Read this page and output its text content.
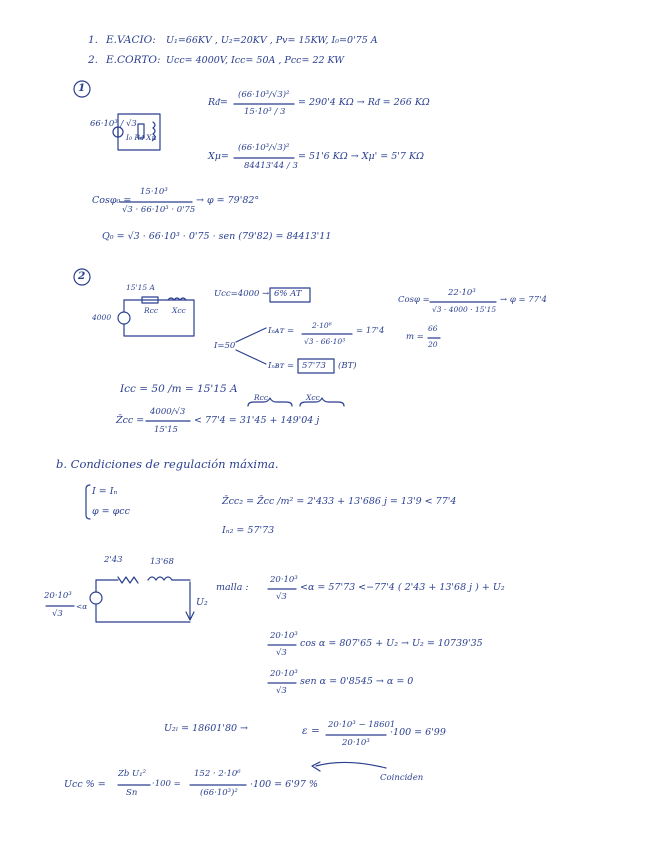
1. E.VACIO: U₁=66KV , U₂=20KV , Pv= 15KW, I₀=0'75 A
2. E.CORTO: Ucc= 4000V, Icc= 50A , Pcc= 22 KW
1
66·10³ / √3
I₀ Rᵭ Xμ
Rᵭ=
(66·10³/√3)²
15·10³ / 3
= 290'4 KΩ → Rᵭ = 266 KΩ
Xμ=
(66·10³/√3)²
84413'44 / 3
= 51'6 KΩ → Xμ' = 5'7 KΩ
Cosφ₀ =
15·10³
√3 · 66·10³ · 0'75
→ φ = 79'82°
Q₀ = √3 · 66·10³ · 0'75 · sen (79'82) = 84413'11
2
15'15 A
4000
Rcc Xcc
Ucc=4000 → 6% AT
Cosφ =
22·10³
√3 · 4000 · 15'15
→ φ = 77'4
m =
66
20
I=50
Iₙᴀᴛ =
2·10⁶
√3 · 66·10³
= 17'4
Iₙʙᴛ = 57'73 (BT)
Icc = 50 /m = 15'15 A
Rcc	Xcc
Z̄cc =
4000/√3
15'15
< 77'4 = 31'45 + 149'04 j
b. Condiciones de regulación máxima.
I = Iₙ
φ = φcc
Z̄cc₂ = Z̄cc /m² = 2'433 + 13'686 j = 13'9 < 77'4
Iₙ₂ = 57'73
2'43	13'68
20·10³
√3
<α	U₂
malla :
20·10³
√3
<α = 57'73 <−77'4 ( 2'43 + 13'68 j ) + U₂
20·10³
√3
cos α = 807'65 + U₂ → U₂ = 10739'35
20·10³
√3
sen α = 0'8545 → α = 0
U₂ₗ = 18601'80 →	ε = 20·10³ − 18601
20·10³
·100 = 6'99
Ucc % =
Zb U₁²
Sn
·100 =
152 · 2·10⁶
(66·10³)²
·100 = 6'97 %
Coinciden
